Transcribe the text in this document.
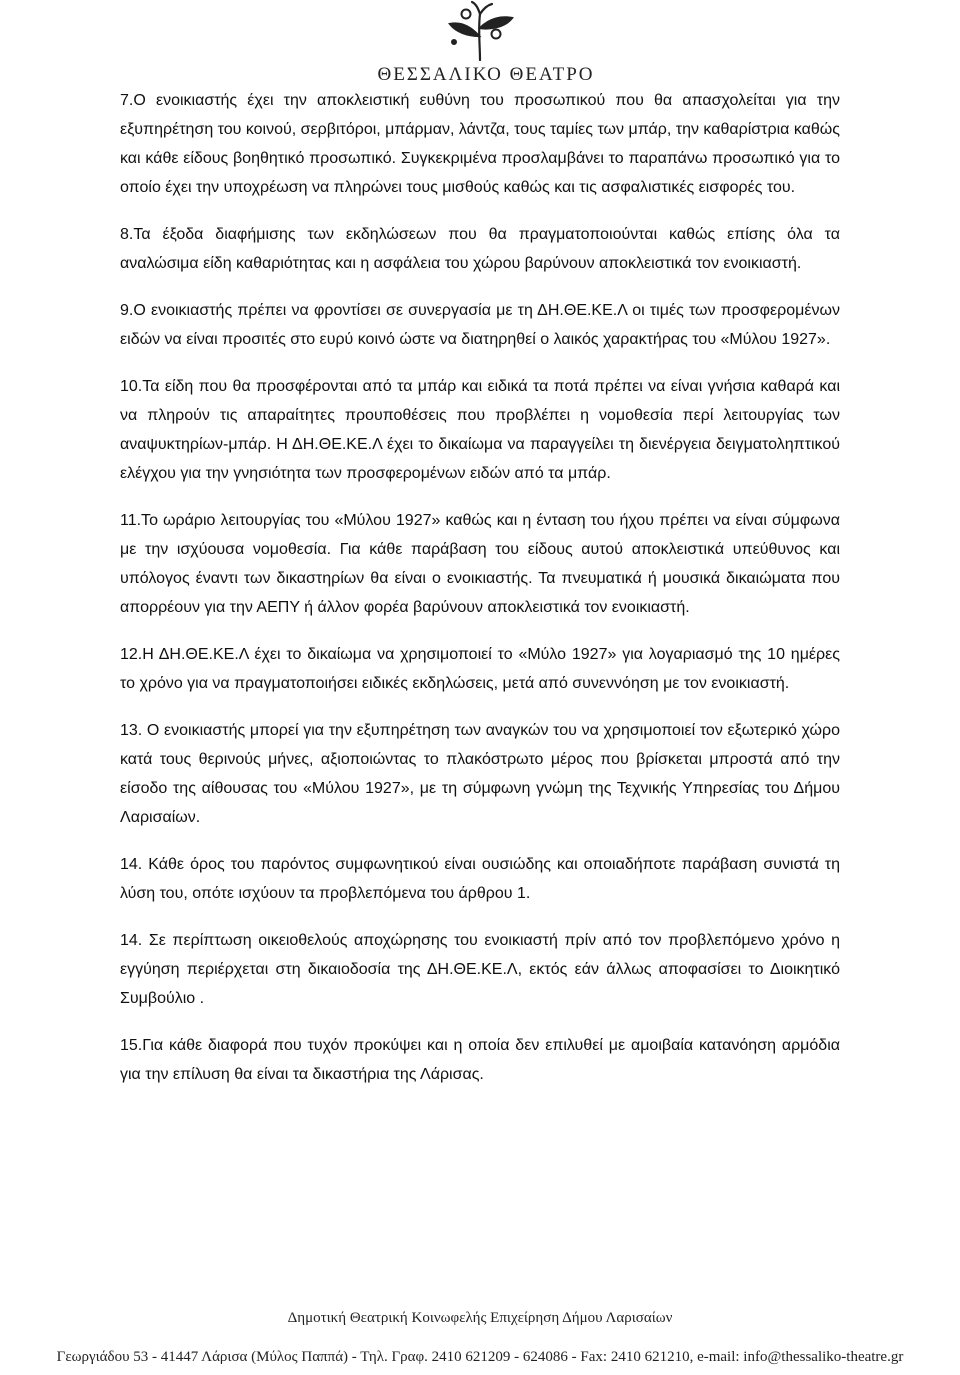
ΘΕΣΣΑΛΙΚΟ ΘΕΑΤΡΟ

7.Ο ενοικιαστής έχει την αποκλειστική ευθύνη του προσωπικού που θα απασχολείται για την εξυπηρέτηση του κοινού, σερβιτόροι, μπάρμαν, λάντζα, τους ταμίες των μπάρ, την καθαρίστρια καθώς και κάθε είδους βοηθητικό προσωπικό. Συγκεκριμένα προσλαμβάνει το παραπάνω προσωπικό για το οποίο έχει την υποχρέωση να πληρώνει τους μισθούς καθώς και τις ασφαλιστικές εισφορές του.

8.Τα έξοδα διαφήμισης των εκδηλώσεων που θα πραγματοποιούνται καθώς επίσης όλα τα αναλώσιμα είδη καθαριότητας και η ασφάλεια του χώρου βαρύνουν αποκλειστικά τον ενοικιαστή.

9.Ο ενοικιαστής πρέπει να φροντίσει σε συνεργασία με τη ΔΗ.ΘΕ.ΚΕ.Λ οι τιμές των προσφερομένων ειδών να είναι προσιτές στο ευρύ κοινό ώστε να διατηρηθεί ο λαικός χαρακτήρας του «Μύλου 1927».

10.Τα είδη που θα προσφέρονται από τα μπάρ και ειδικά τα ποτά πρέπει να είναι γνήσια καθαρά και να πληρούν τις απαραίτητες προυποθέσεις που προβλέπει η νομοθεσία περί λειτουργίας των αναψυκτηρίων-μπάρ. Η ΔΗ.ΘΕ.ΚΕ.Λ έχει το δικαίωμα να παραγγείλει τη διενέργεια δειγματοληπτικού ελέγχου για την γνησιότητα των προσφερομένων ειδών από τα μπάρ.

11.Το ωράριο λειτουργίας του «Μύλου 1927» καθώς και η ένταση του ήχου πρέπει να είναι σύμφωνα με την ισχύουσα νομοθεσία. Για κάθε παράβαση του είδους αυτού αποκλειστικά υπεύθυνος και υπόλογος έναντι των δικαστηρίων θα είναι ο ενοικιαστής. Τα πνευματικά ή μουσικά δικαιώματα που απορρέουν για την ΑΕΠΥ ή άλλον φορέα βαρύνουν αποκλειστικά τον ενοικιαστή.

12.Η ΔΗ.ΘΕ.ΚΕ.Λ έχει το δικαίωμα να χρησιμοποιεί το «Μύλο 1927» για λογαριασμό της 10 ημέρες το χρόνο για να πραγματοποιήσει ειδικές εκδηλώσεις, μετά από συνεννόηση με τον ενοικιαστή.

13. Ο ενοικιαστής μπορεί για την εξυπηρέτηση των αναγκών του να χρησιμοποιεί τον εξωτερικό χώρο κατά τους θερινούς μήνες, αξιοποιώντας το πλακόστρωτο μέρος που βρίσκεται μπροστά από την είσοδο της αίθουσας του «Μύλου 1927», με τη σύμφωνη γνώμη της Τεχνικής Υπηρεσίας του Δήμου Λαρισαίων.

14. Κάθε όρος του παρόντος συμφωνητικού είναι ουσιώδης και οποιαδήποτε παράβαση συνιστά τη λύση του, οπότε ισχύουν τα προβλεπόμενα του άρθρου 1.

14. Σε περίπτωση οικειοθελούς αποχώρησης του ενοικιαστή πρίν από τον προβλεπόμενο χρόνο η εγγύηση περιέρχεται στη δικαιοδοσία της ΔΗ.ΘΕ.ΚΕ.Λ, εκτός εάν άλλως αποφασίσει το Διοικητικό Συμβούλιο .

15.Για κάθε διαφορά που τυχόν προκύψει και η οποία δεν επιλυθεί με αμοιβαία κατανόηση αρμόδια για την επίλυση θα είναι τα δικαστήρια της Λάρισας.

Δημοτική Θεατρική Κοινωφελής Επιχείρηση Δήμου Λαρισαίων
Γεωργιάδου 53 - 41447 Λάρισα (Μύλος Παππά) - Τηλ. Γραφ. 2410 621209 - 624086 - Fax: 2410 621210, e-mail: info@thessaliko-theatre.gr
